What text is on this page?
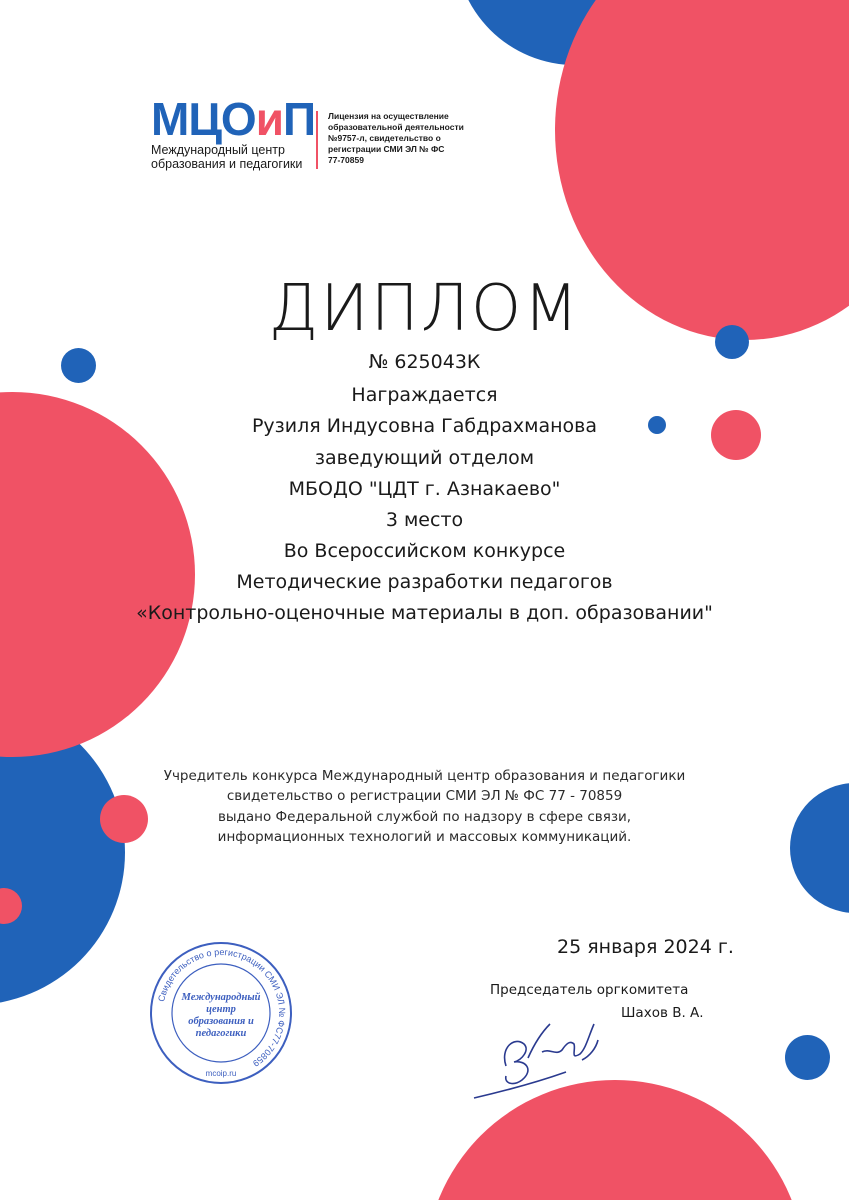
МЦОиП
Международный центр
образования и педагогики
Лицензия на осуществление
образовательной деятельности
№9757-л, свидетельство о
регистрации СМИ ЭЛ № ФС
77-70859
ДИПЛОМ
№ 625043К
Награждается
Рузиля Индусовна Габдрахманова
заведующий отделом
МБОДО "ЦДТ г. Азнакаево"
3 место
Во Всероссийском конкурсе
Методические разработки педагогов
«Контрольно-оценочные материалы в доп. образовании"
Учредитель конкурса Международный центр образования и педагогики
свидетельство о регистрации СМИ ЭЛ № ФС 77 - 70859
выдано Федеральной службой по надзору в сфере связи,
информационных технологий и массовых коммуникаций.
25 января 2024 г.
Председатель оргкомитета
Шахов В. А.
Свидетельство о регистрации СМИ ЭЛ № ФС77-70859
Международный
центр
образования и
педагогики
mcoip.ru
